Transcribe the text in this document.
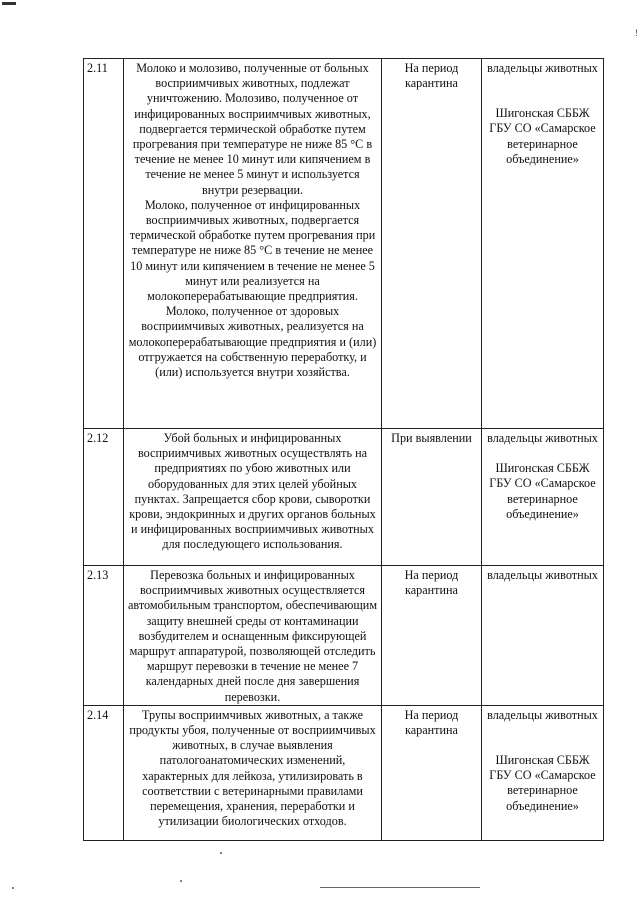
!
2.11	Молоко и молозиво, полученные от больных восприимчивых животных, подлежат уничтожению. Молозиво, полученное от инфицированных восприимчивых животных, подвергается термической обработке путем прогревания при температуре не ниже 85 °С в течение не менее 10 минут или кипячением в течение не менее 5 минут и используется внутри резервации.
Молоко, полученное от инфицированных восприимчивых животных, подвергается термической обработке путем прогревания при температуре не ниже 85 °С в течение не менее 10 минут или кипячением в течение не менее 5 минут или реализуется на молокоперерабатывающие предприятия.
Молоко, полученное от здоровых восприимчивых животных, реализуется на молокоперерабатывающие предприятия и (или) отгружается на собственную переработку, и (или) используется внутри хозяйства.	На период карантина	владельцы животных
Шигонская СББЖ ГБУ СО «Самарское ветеринарное объединение»

2.12	Убой больных и инфицированных восприимчивых животных осуществлять на предприятиях по убою животных или оборудованных для этих целей убойных пунктах. Запрещается сбор крови, сыворотки крови, эндокринных и других органов больных и инфицированных восприимчивых животных для последующего использования.	При выявлении	владельцы животных
Шигонская СББЖ ГБУ СО «Самарское ветеринарное объединение»

2.13	Перевозка больных и инфицированных восприимчивых животных осуществляется автомобильным транспортом, обеспечивающим защиту внешней среды от контаминации возбудителем и оснащенным фиксирующей маршрут аппаратурой, позволяющей отследить маршрут перевозки в течение не менее 7 календарных дней после дня завершения перевозки.	На период карантина	владельцы животных

2.14	Трупы восприимчивых животных, а также продукты убоя, полученные от восприимчивых животных, в случае выявления патологоанатомических изменений, характерных для лейкоза, утилизировать в соответствии с ветеринарными правилами перемещения, хранения, переработки и утилизации биологических отходов.	На период карантина	владельцы животных
Шигонская СББЖ ГБУ СО «Самарское ветеринарное объединение»
